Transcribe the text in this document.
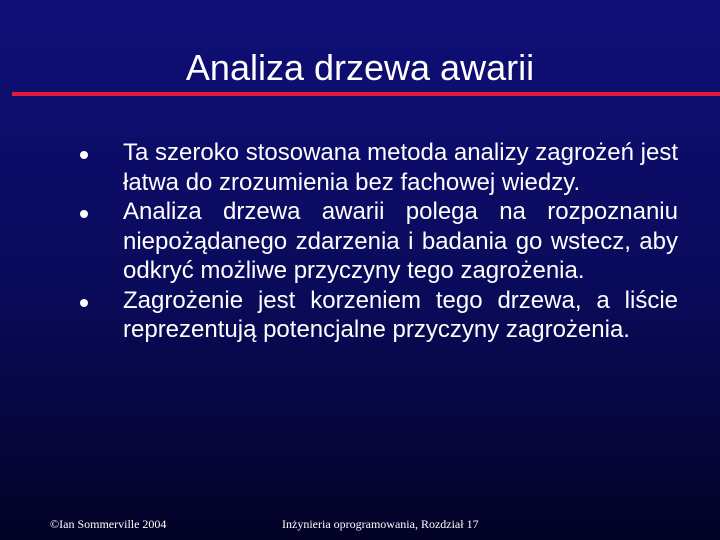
Analiza drzewa awarii
Ta szeroko stosowana metoda analizy zagrożeń jest łatwa do zrozumienia bez fachowej wiedzy.
Analiza drzewa awarii polega na rozpoznaniu niepożądanego zdarzenia i badania go wstecz, aby odkryć możliwe przyczyny tego zagrożenia.
Zagrożenie jest korzeniem tego drzewa, a liście reprezentują potencjalne przyczyny zagrożenia.
©Ian Sommerville 2004	Inżynieria oprogramowania, Rozdział 17
